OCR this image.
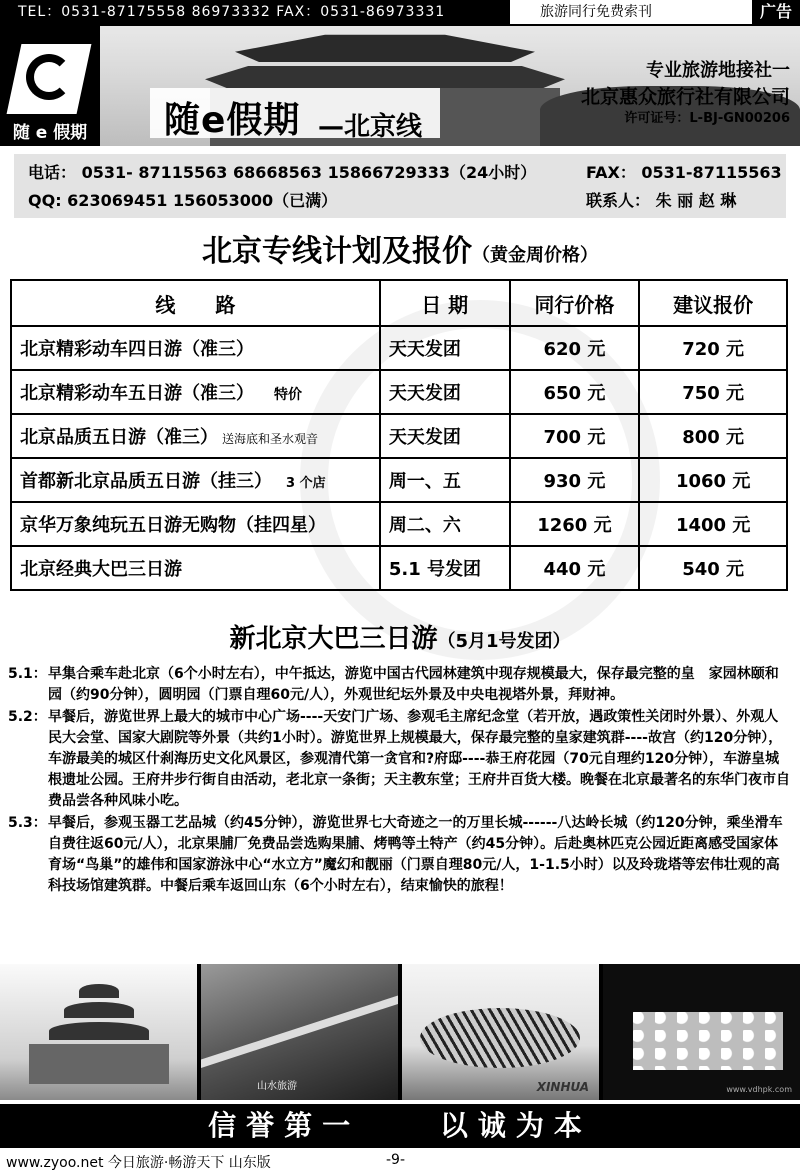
TEL：0531-87175558 86973332 FAX：0531-86973331	旅游同行免费索刊	广告
随 e 假期	随e假期 —北京线
专业旅游地接社一
北京惠众旅行社有限公司
许可证号：L-BJ-GN00206
电话： 0531- 87115563 68668563 15866729333（24小时）	FAX： 0531-87115563
QQ: 623069451 156053000（已满）	联系人： 朱 丽 赵 琳
北京专线计划及报价（黄金周价格）
线　　路	日 期	同行价格	建议报价
北京精彩动车四日游（准三）	天天发团	620 元	720 元
北京精彩动车五日游（准三） 特价	天天发团	650 元	750 元
北京品质五日游（准三） 送海底和圣水观音	天天发团	700 元	800 元
首都新北京品质五日游（挂三） 3 个店	周一、五	930 元	1060 元
京华万象纯玩五日游无购物（挂四星）	周二、六	1260 元	1400 元
北京经典大巴三日游	5.1 号发团	440 元	540 元
新北京大巴三日游（5月1号发团）
5.1： 早集合乘车赴北京（6个小时左右），中午抵达，游览中国古代园林建筑中现存规模最大，保存最完整的皇　家园林颐和园（约90分钟），圆明园（门票自理60元/人），外观世纪坛外景及中央电视塔外景，拜财神。
5.2： 早餐后，游览世界上最大的城市中心广场----天安门广场、参观毛主席纪念堂（若开放，遇政策性关闭时外景）、外观人民大会堂、国家大剧院等外景（共约1小时）。游览世界上规模最大，保存最完整的皇家建筑群----故宫（约120分钟），车游最美的城区什刹海历史文化风景区，参观清代第一贪官和?府邸----恭王府花园（70元自理约120分钟），车游皇城根遗址公园。王府井步行街自由活动，老北京一条街；天主教东堂；王府井百货大楼。晚餐在北京最著名的东华门夜市自费品尝各种风味小吃。
5.3： 早餐后，参观玉器工艺品城（约45分钟），游览世界七大奇迹之一的万里长城------八达岭长城（约120分钟，乘坐滑车自费往返60元/人），北京果脯厂免费品尝选购果脯、烤鸭等土特产（约45分钟）。后赴奥林匹克公园近距离感受国家体育场“鸟巢”的雄伟和国家游泳中心“水立方”魔幻和靓丽（门票自理80元/人，1-1.5小时）以及玲珑塔等宏伟壮观的高科技场馆建筑群。中餐后乘车返回山东（6个小时左右），结束愉快的旅程！
山水旅游	XINHUA	www.vdhpk.com
信誉第一	以诚为本
www.zyoo.net 今日旅游·畅游天下 山东版	-9-
